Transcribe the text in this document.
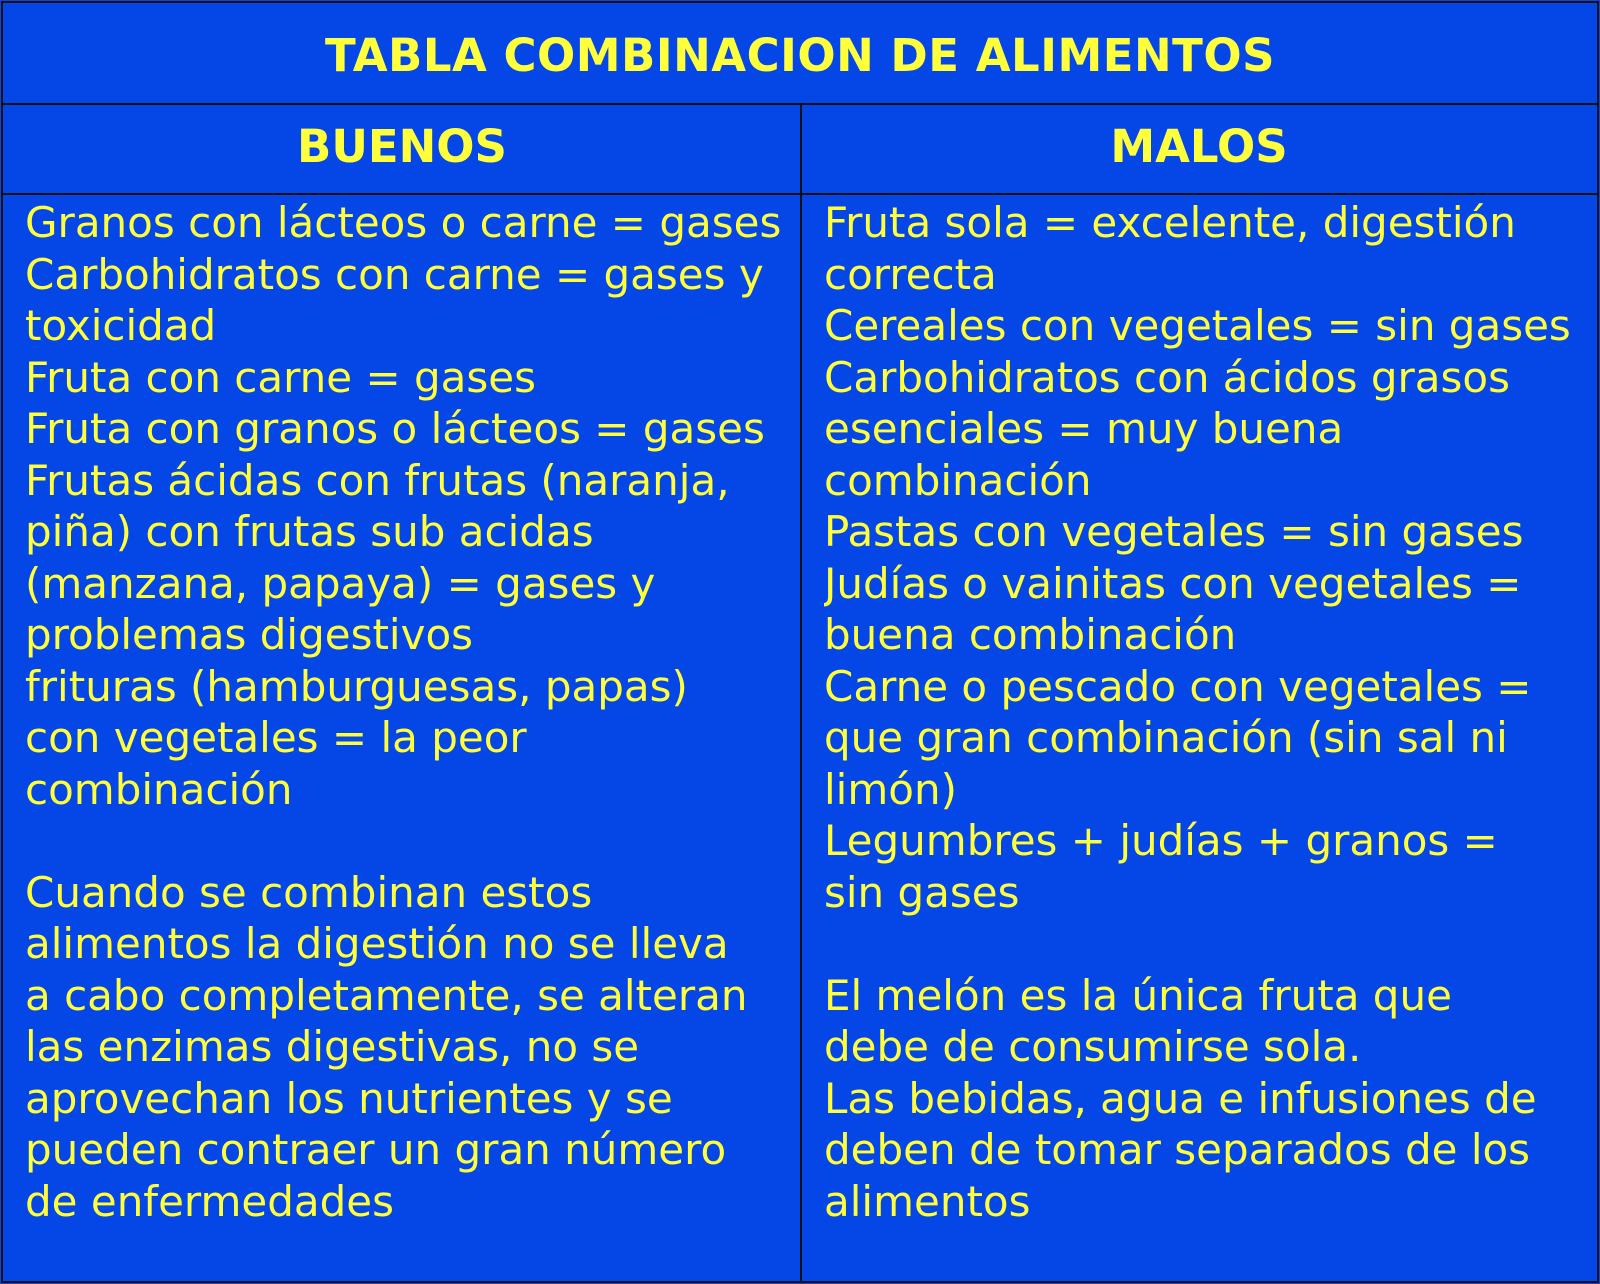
TABLA COMBINACION DE ALIMENTOS
BUENOS	MALOS
Granos con lácteos o carne = gases
Carbohidratos con carne = gases y
toxicidad
Fruta con carne = gases
Fruta con granos o lácteos = gases
Frutas ácidas con frutas (naranja,
piña) con frutas sub acidas
(manzana, papaya) = gases y
problemas digestivos
frituras (hamburguesas, papas)
con vegetales = la peor
combinación
Cuando se combinan estos
alimentos la digestión no se lleva
a cabo completamente, se alteran
las enzimas digestivas, no se
aprovechan los nutrientes y se
pueden contraer un gran número
de enfermedades
Fruta sola = excelente, digestión
correcta
Cereales con vegetales = sin gases
Carbohidratos con ácidos grasos
esenciales = muy buena
combinación
Pastas con vegetales = sin gases
Judías o vainitas con vegetales =
buena combinación
Carne o pescado con vegetales =
que gran combinación (sin sal ni
limón)
Legumbres + judías + granos =
sin gases
El melón es la única fruta que
debe de consumirse sola.
Las bebidas, agua e infusiones de
deben de tomar separados de los
alimentos
